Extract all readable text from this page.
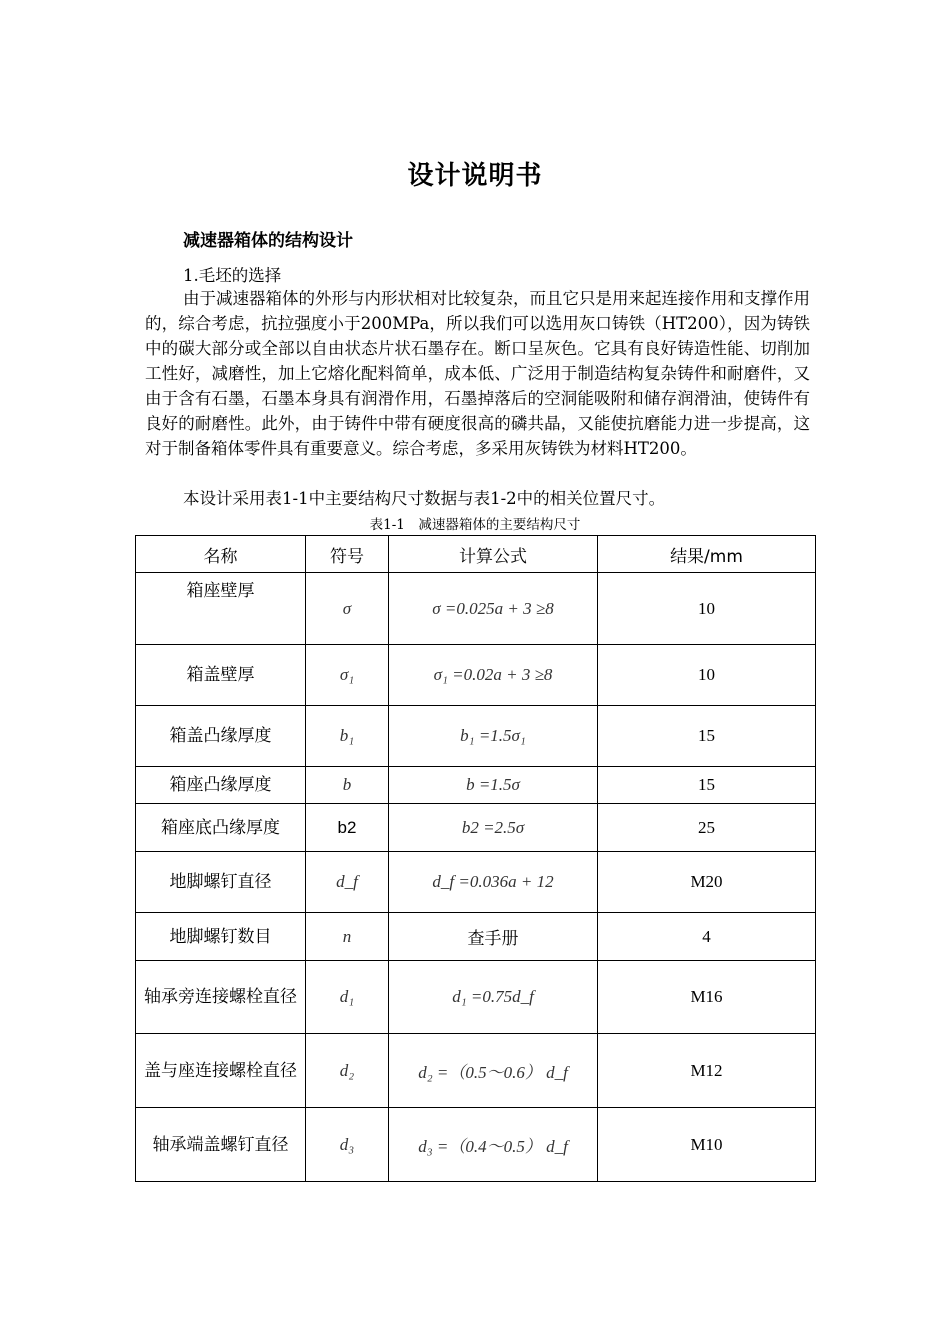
设计说明书
减速器箱体的结构设计
1.毛坯的选择
由于减速器箱体的外形与内形状相对比较复杂，而且它只是用来起连接作用和支撑作用的，综合考虑，抗拉强度小于200MPa，所以我们可以选用灰口铸铁（HT200），因为铸铁中的碳大部分或全部以自由状态片状石墨存在。断口呈灰色。它具有良好铸造性能、切削加工性好，减磨性，加上它熔化配料简单，成本低、广泛用于制造结构复杂铸件和耐磨件，又由于含有石墨，石墨本身具有润滑作用，石墨掉落后的空洞能吸附和储存润滑油，使铸件有良好的耐磨性。此外，由于铸件中带有硬度很高的磷共晶，又能使抗磨能力进一步提高，这对于制备箱体零件具有重要意义。综合考虑，多采用灰铸铁为材料HT200。
本设计采用表1-1中主要结构尺寸数据与表1-2中的相关位置尺寸。
表1-1　减速器箱体的主要结构尺寸
名称	符号	计算公式	结果/mm
箱座壁厚	σ	σ =0.025a + 3 ≥8	10
箱盖壁厚	σ₁	σ₁ =0.02a + 3 ≥8	10
箱盖凸缘厚度	b₁	b₁ =1.5σ₁	15
箱座凸缘厚度	b	b =1.5σ	15
箱座底凸缘厚度	b2	b2 =2.5σ	25
地脚螺钉直径	d_f	d_f =0.036a + 12	M20
地脚螺钉数目	n	查手册	4
轴承旁连接螺栓直径	d₁	d₁ =0.75d_f	M16
盖与座连接螺栓直径	d₂	d₂ =（0.5～0.6） d_f	M12
轴承端盖螺钉直径	d₃	d₃ =（0.4～0.5） d_f	M10
